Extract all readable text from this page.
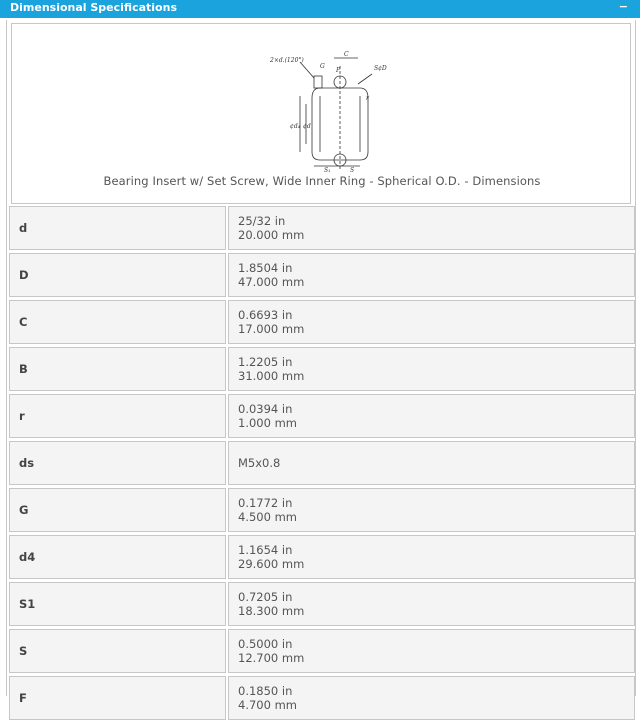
Dimensional Specifications	−
2×d.(120°)
G
C
F	S¢D
r
¢d₄ ¢d
S₁	S
Bearing Insert w/ Set Screw, Wide Inner Ring - Spherical O.D. - Dimensions
d	25/32 in
20.000 mm
D	1.8504 in
47.000 mm
C	0.6693 in
17.000 mm
B	1.2205 in
31.000 mm
r	0.0394 in
1.000 mm
ds	M5x0.8
G	0.1772 in
4.500 mm
d4	1.1654 in
29.600 mm
S1	0.7205 in
18.300 mm
S	0.5000 in
12.700 mm
F	0.1850 in
4.700 mm
